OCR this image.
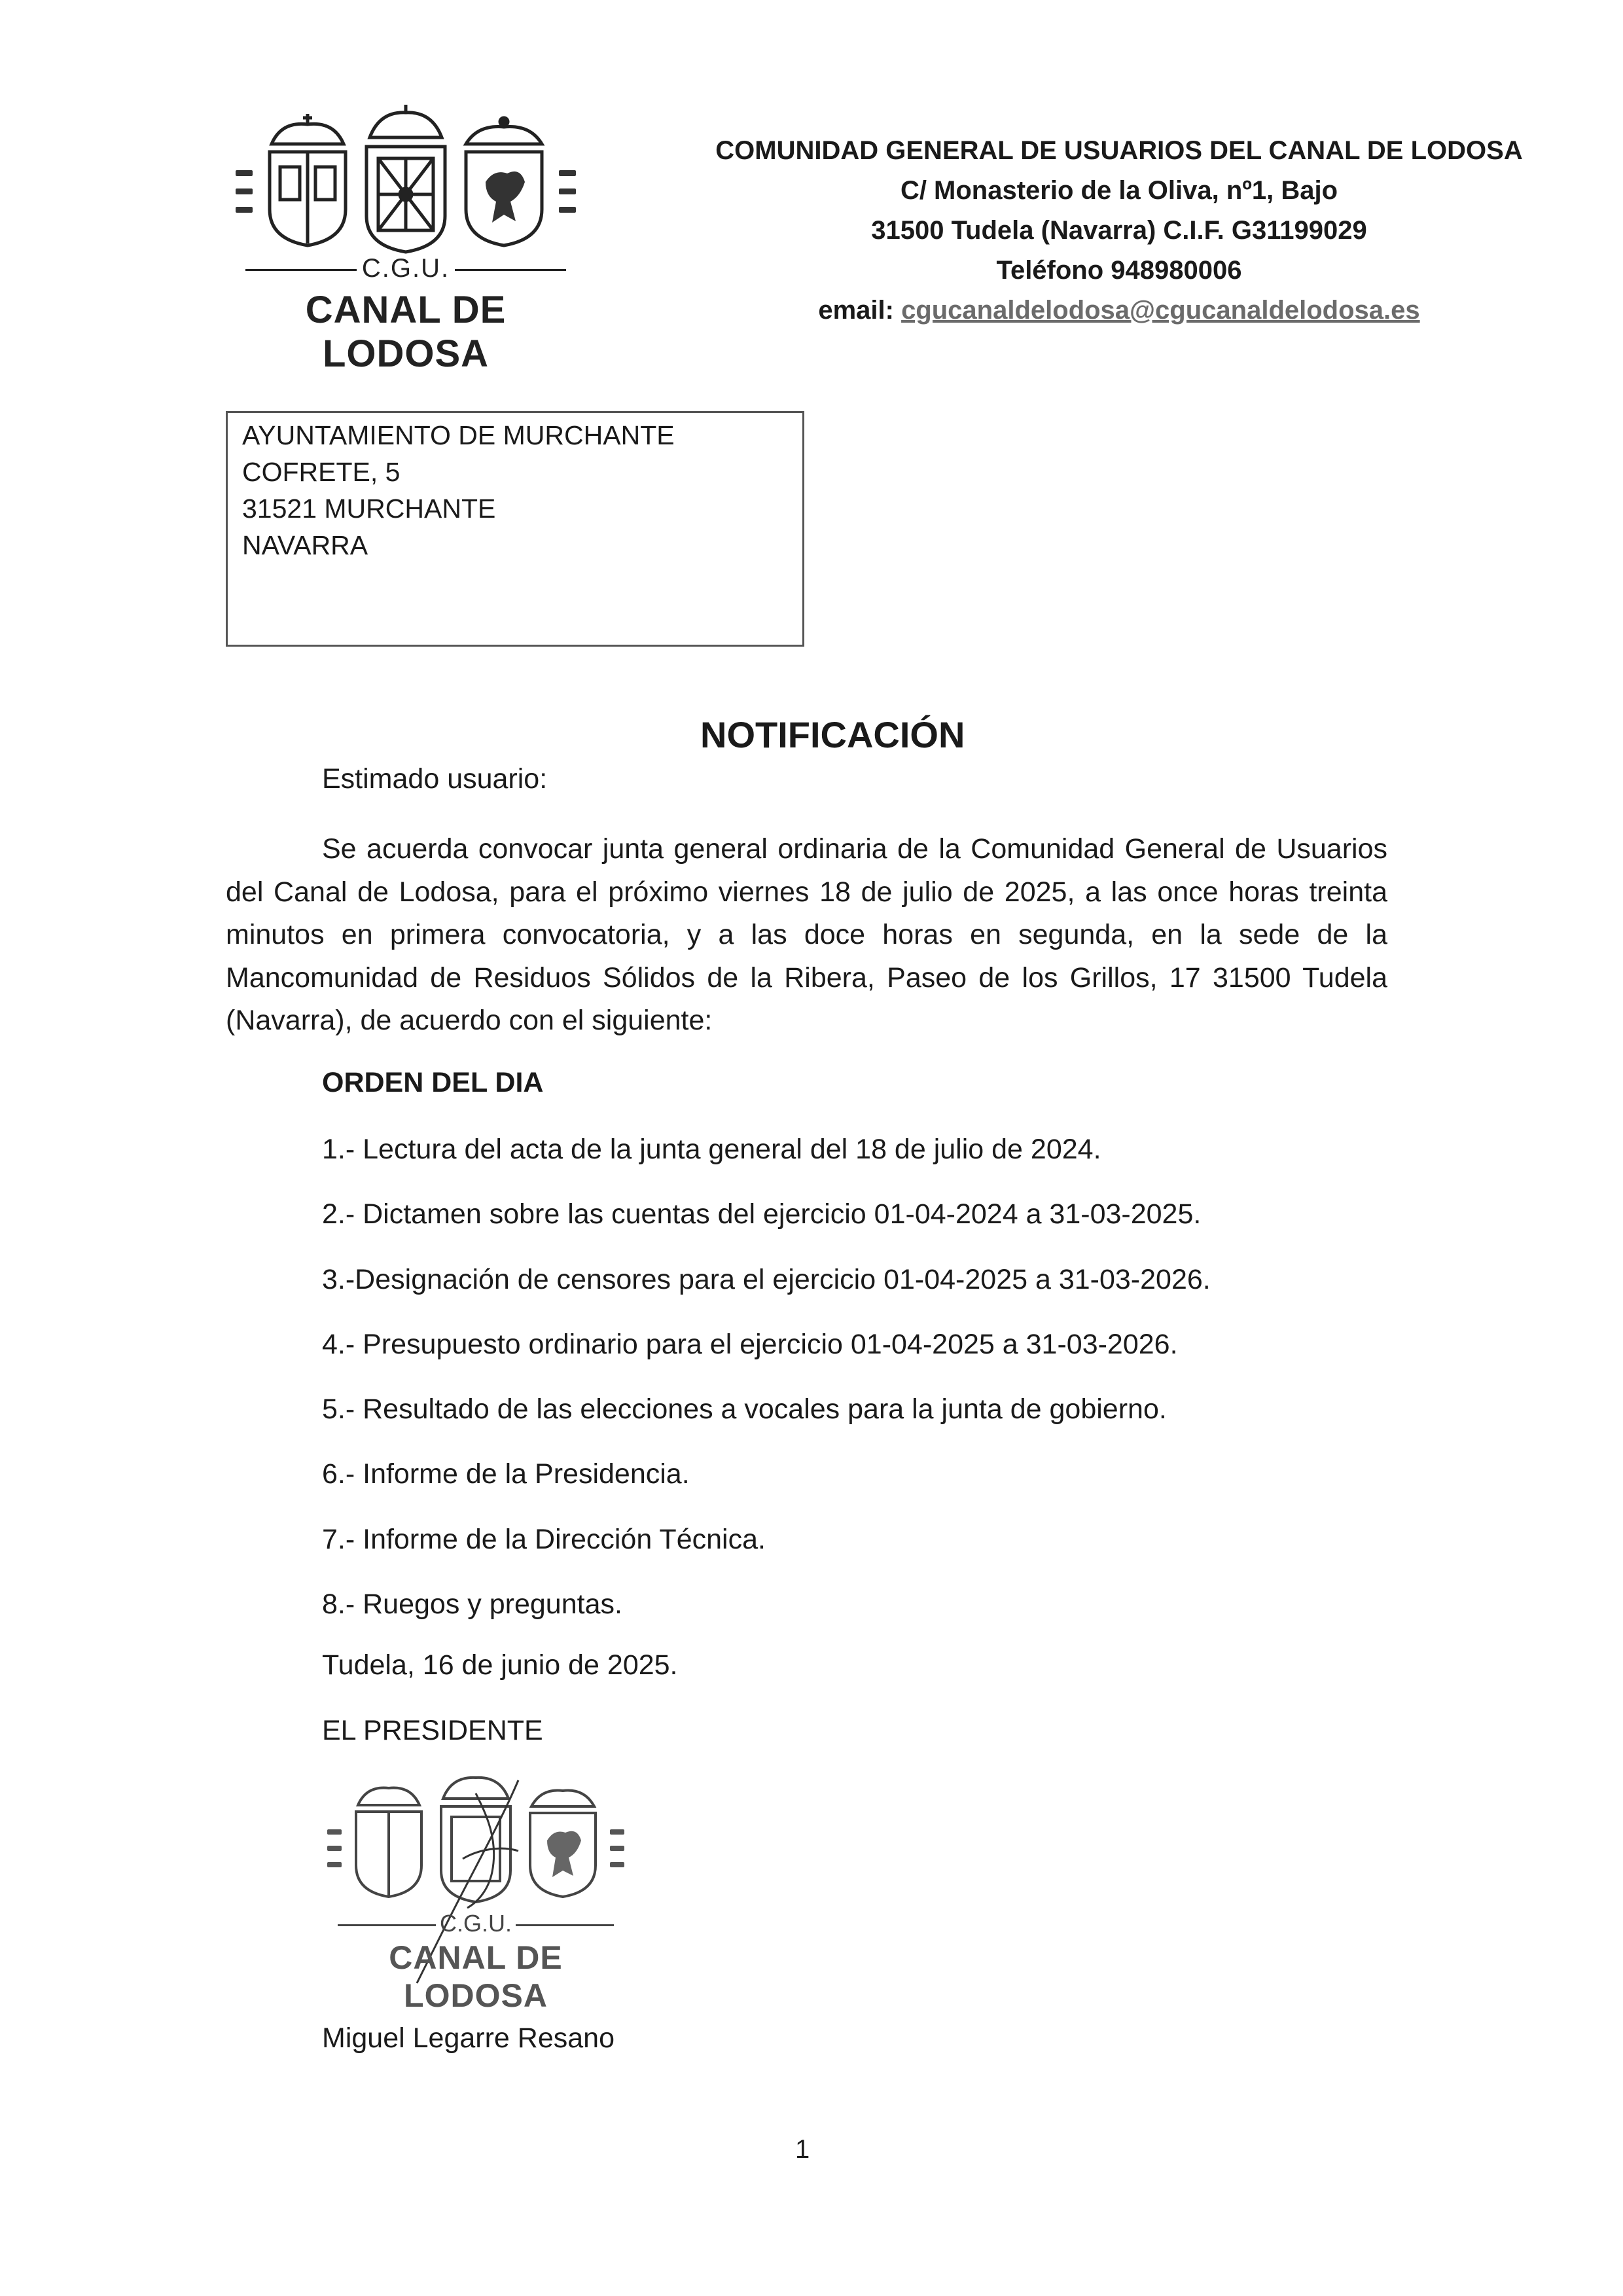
C.G.U.
CANAL DE LODOSA
COMUNIDAD GENERAL DE USUARIOS DEL CANAL DE LODOSA
C/ Monasterio de la Oliva, nº1, Bajo
31500 Tudela (Navarra) C.I.F. G31199029
Teléfono 948980006
email: cgucanaldelodosa@cgucanaldelodosa.es
AYUNTAMIENTO DE MURCHANTE
COFRETE, 5
31521 MURCHANTE
NAVARRA
NOTIFICACIÓN
Estimado usuario:
Se acuerda convocar junta general ordinaria de la Comunidad General de Usuarios del Canal de Lodosa, para el próximo viernes 18 de julio de 2025, a las once horas treinta minutos en primera convocatoria, y a las doce horas en segunda, en la sede de la Mancomunidad de Residuos Sólidos de la Ribera, Paseo de los Grillos, 17 31500 Tudela (Navarra), de acuerdo con el siguiente:
ORDEN DEL DIA
1.- Lectura del acta de la junta general del 18 de julio de 2024.
2.- Dictamen sobre las cuentas del ejercicio 01-04-2024 a 31-03-2025.
3.-Designación de censores para el ejercicio 01-04-2025 a 31-03-2026.
4.- Presupuesto ordinario para el ejercicio 01-04-2025 a 31-03-2026.
5.- Resultado de las elecciones a vocales para la junta de gobierno.
6.- Informe de la Presidencia.
7.- Informe de la Dirección Técnica.
8.- Ruegos y preguntas.
Tudela, 16 de junio de 2025.
EL PRESIDENTE
C.G.U.
CANAL DE LODOSA
Miguel Legarre Resano
1
